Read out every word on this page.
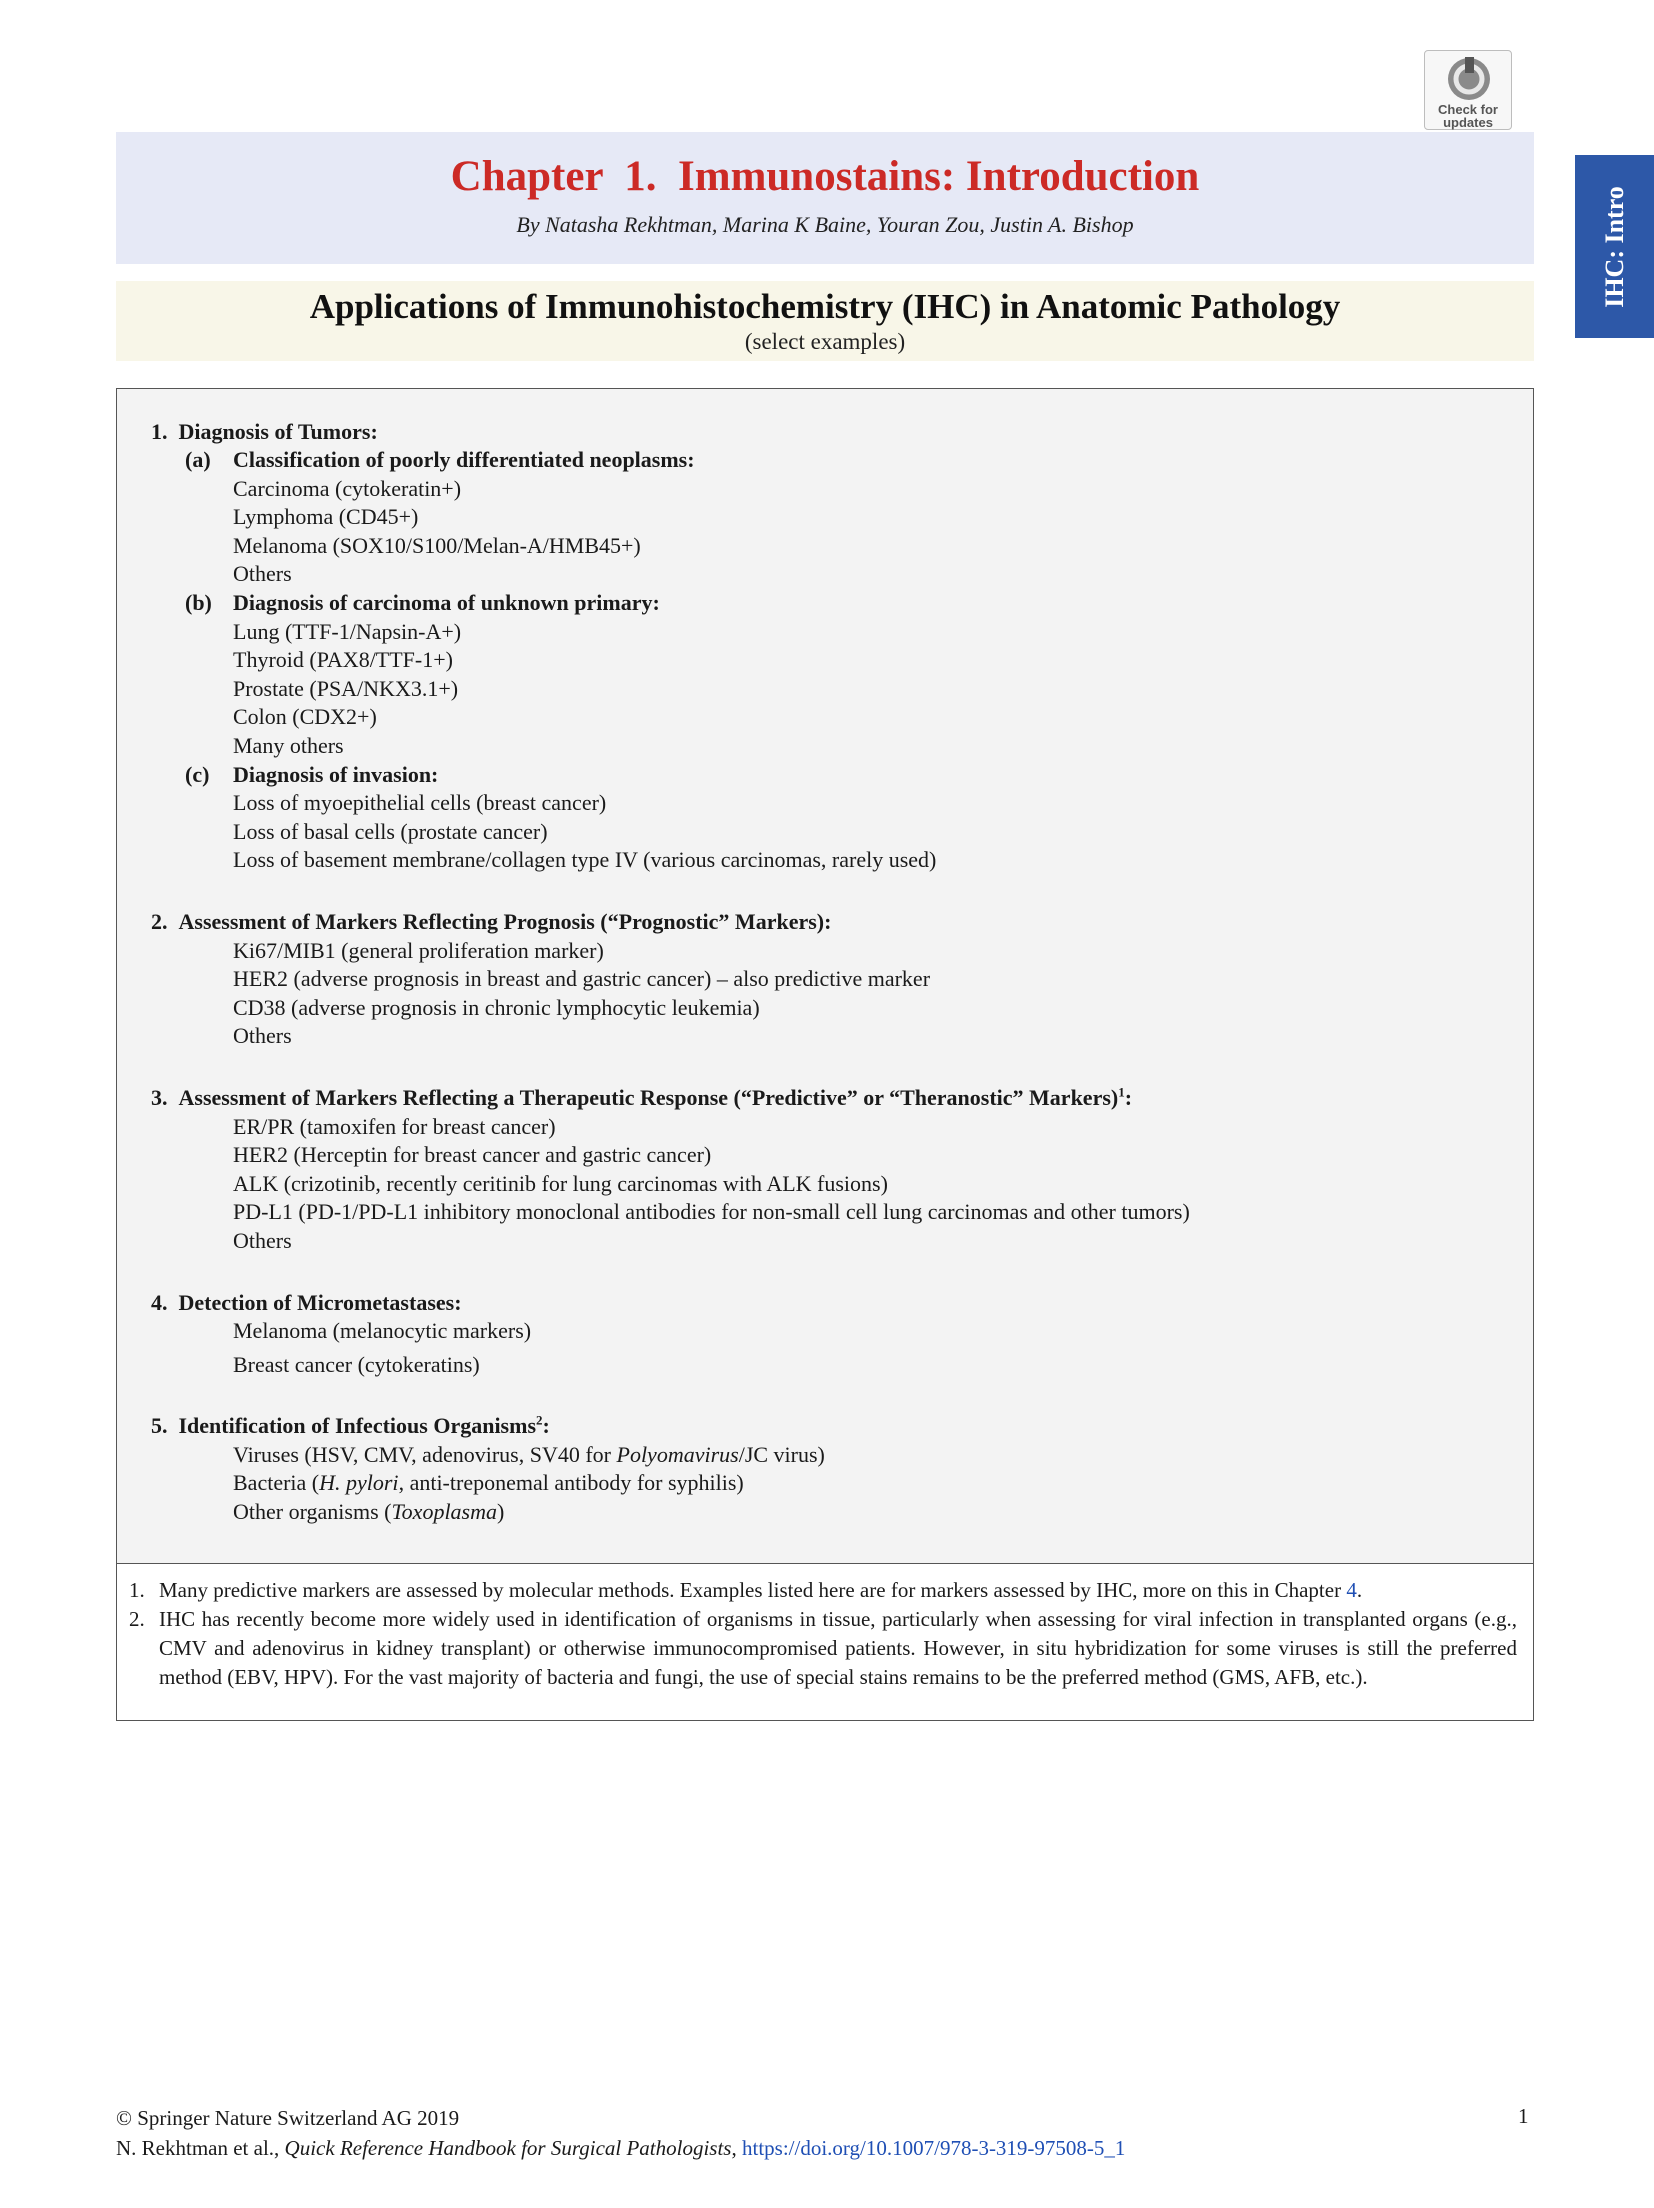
Check for
updates
IHC: Intro
Chapter  1.  Immunostains: Introduction
By Natasha Rekhtman, Marina K Baine, Youran Zou, Justin A. Bishop
Applications of Immunohistochemistry (IHC) in Anatomic Pathology
(select examples)
1. Diagnosis of Tumors:
(a) Classification of poorly differentiated neoplasms:
Carcinoma (cytokeratin+)
Lymphoma (CD45+)
Melanoma (SOX10/S100/Melan-A/HMB45+)
Others
(b) Diagnosis of carcinoma of unknown primary:
Lung (TTF-1/Napsin-A+)
Thyroid (PAX8/TTF-1+)
Prostate (PSA/NKX3.1+)
Colon (CDX2+)
Many others
(c) Diagnosis of invasion:
Loss of myoepithelial cells (breast cancer)
Loss of basal cells (prostate cancer)
Loss of basement membrane/collagen type IV (various carcinomas, rarely used)
2. Assessment of Markers Reflecting Prognosis (“Prognostic” Markers):
Ki67/MIB1 (general proliferation marker)
HER2 (adverse prognosis in breast and gastric cancer) – also predictive marker
CD38 (adverse prognosis in chronic lymphocytic leukemia)
Others
3. Assessment of Markers Reflecting a Therapeutic Response (“Predictive” or “Theranostic” Markers)$^1$:
ER/PR (tamoxifen for breast cancer)
HER2 (Herceptin for breast cancer and gastric cancer)
ALK (crizotinib, recently ceritinib for lung carcinomas with ALK fusions)
PD-L1 (PD-1/PD-L1 inhibitory monoclonal antibodies for non-small cell lung carcinomas and other tumors)
Others
4. Detection of Micrometastases:
Melanoma (melanocytic markers)
Breast cancer (cytokeratins)
5. Identification of Infectious Organisms$^2$:
Viruses (HSV, CMV, adenovirus, SV40 for Polyomavirus/JC virus)
Bacteria (H. pylori, anti-treponemal antibody for syphilis)
Other organisms (Toxoplasma)
1. Many predictive markers are assessed by molecular methods. Examples listed here are for markers assessed by IHC, more on this in Chapter 4.
2. IHC has recently become more widely used in identification of organisms in tissue, particularly when assessing for viral infection in transplanted organs (e.g., CMV and adenovirus in kidney transplant) or otherwise immunocompromised patients. However, in situ hybridization for some viruses is still the preferred method (EBV, HPV). For the vast majority of bacteria and fungi, the use of special stains remains to be the preferred method (GMS, AFB, etc.).
© Springer Nature Switzerland AG 2019
N. Rekhtman et al., Quick Reference Handbook for Surgical Pathologists, https://doi.org/10.1007/978-3-319-97508-5_1
1
